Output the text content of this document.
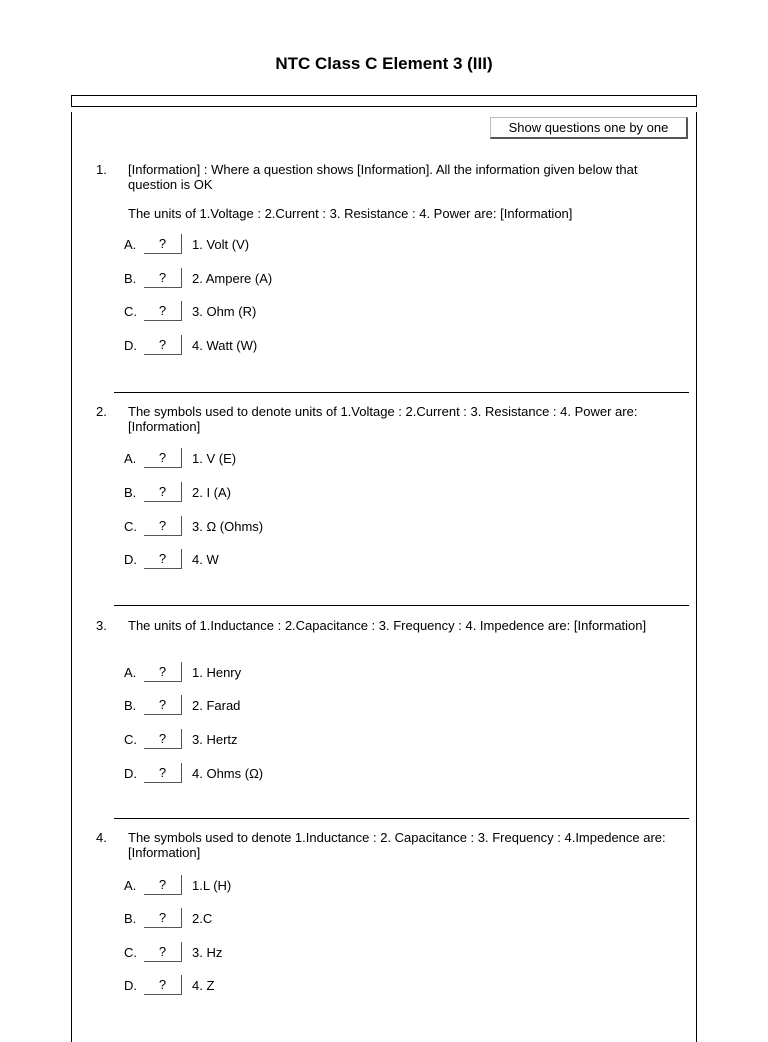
NTC Class C Element 3 (III)
Show questions one by one
1. [Information] : Where a question shows [Information]. All the information given below that question is OK
The units of 1.Voltage : 2.Current : 3. Resistance : 4. Power are: [Information]
A.	?	1. Volt (V)
B.	?	2. Ampere (A)
C.	?	3. Ohm (R)
D.	?	4. Watt (W)
2. The symbols used to denote units of 1.Voltage : 2.Current : 3. Resistance : 4. Power are: [Information]
A.	?	1. V (E)
B.	?	2. I (A)
C.	?	3. Ω (Ohms)
D.	?	4. W
3. The units of 1.Inductance : 2.Capacitance : 3. Frequency : 4. Impedence are: [Information]
A.	?	1. Henry
B.	?	2. Farad
C.	?	3. Hertz
D.	?	4. Ohms (Ω)
4. The symbols used to denote 1.Inductance : 2. Capacitance : 3. Frequency : 4.Impedence are: [Information]
A.	?	1.L (H)
B.	?	2.C
C.	?	3. Hz
D.	?	4. Z
